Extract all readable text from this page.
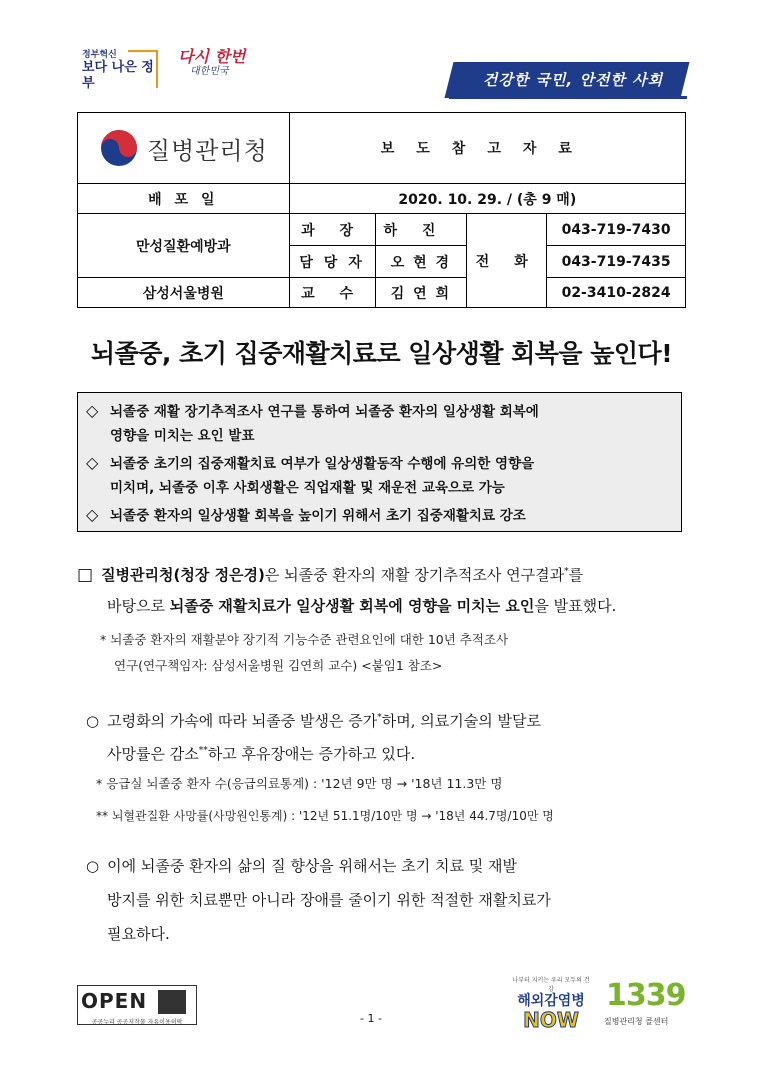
정부혁신
보다 나은 정부
다시 한번
대한민국	건강한 국민, 안전한 사회
질병관리청	보도참고자료			
배 포 일	2020. 10. 29. / (총 9 매)			
만성질환예방과	과 장	하 진	전 화	043-719-7430
	담 당 자	오 현 경		043-719-7435
삼성서울병원	교 수	김 연 희		02-3410-2824
뇌졸중, 초기 집중재활치료로 일상생활 회복을 높인다!
◇ 뇌졸중 재활 장기추적조사 연구를 통하여 뇌졸중 환자의 일상생활 회복에
영향을 미치는 요인 발표
◇ 뇌졸중 초기의 집중재활치료 여부가 일상생활동작 수행에 유의한 영향을
미치며, 뇌졸중 이후 사회생활은 직업재활 및 재운전 교육으로 가능
◇ 뇌졸중 환자의 일상생활 회복을 높이기 위해서 초기 집중재활치료 강조
□ 질병관리청(청장 정은경)은 뇌졸중 환자의 재활 장기추적조사 연구결과*를
바탕으로 뇌졸중 재활치료가 일상생활 회복에 영향을 미치는 요인을 발표했다.
* 뇌졸중 환자의 재활분야 장기적 기능수준 관련요인에 대한 10년 추적조사
연구(연구책임자: 삼성서울병원 김연희 교수) <붙임1 참조>
○ 고령화의 가속에 따라 뇌졸중 발생은 증가*하며, 의료기술의 발달로
사망률은 감소**하고 후유장애는 증가하고 있다.
* 응급실 뇌졸중 환자 수(응급의료통계) : '12년 9만 명 → '18년 11.3만 명
** 뇌혈관질환 사망률(사망원인통계) : '12년 51.1명/10만 명 → '18년 44.7명/10만 명
○ 이에 뇌졸중 환자의 삶의 질 향상을 위해서는 초기 치료 및 재발
방지를 위한 치료뿐만 아니라 장애를 줄이기 위한 적절한 재활치료가
필요하다.
OPEN
공공누리 공공저작물 자유이용허락	- 1 -
나부터 지키는 우리 모두의 건강
해외감염병
NOW
1339
질병관리청 콜센터
